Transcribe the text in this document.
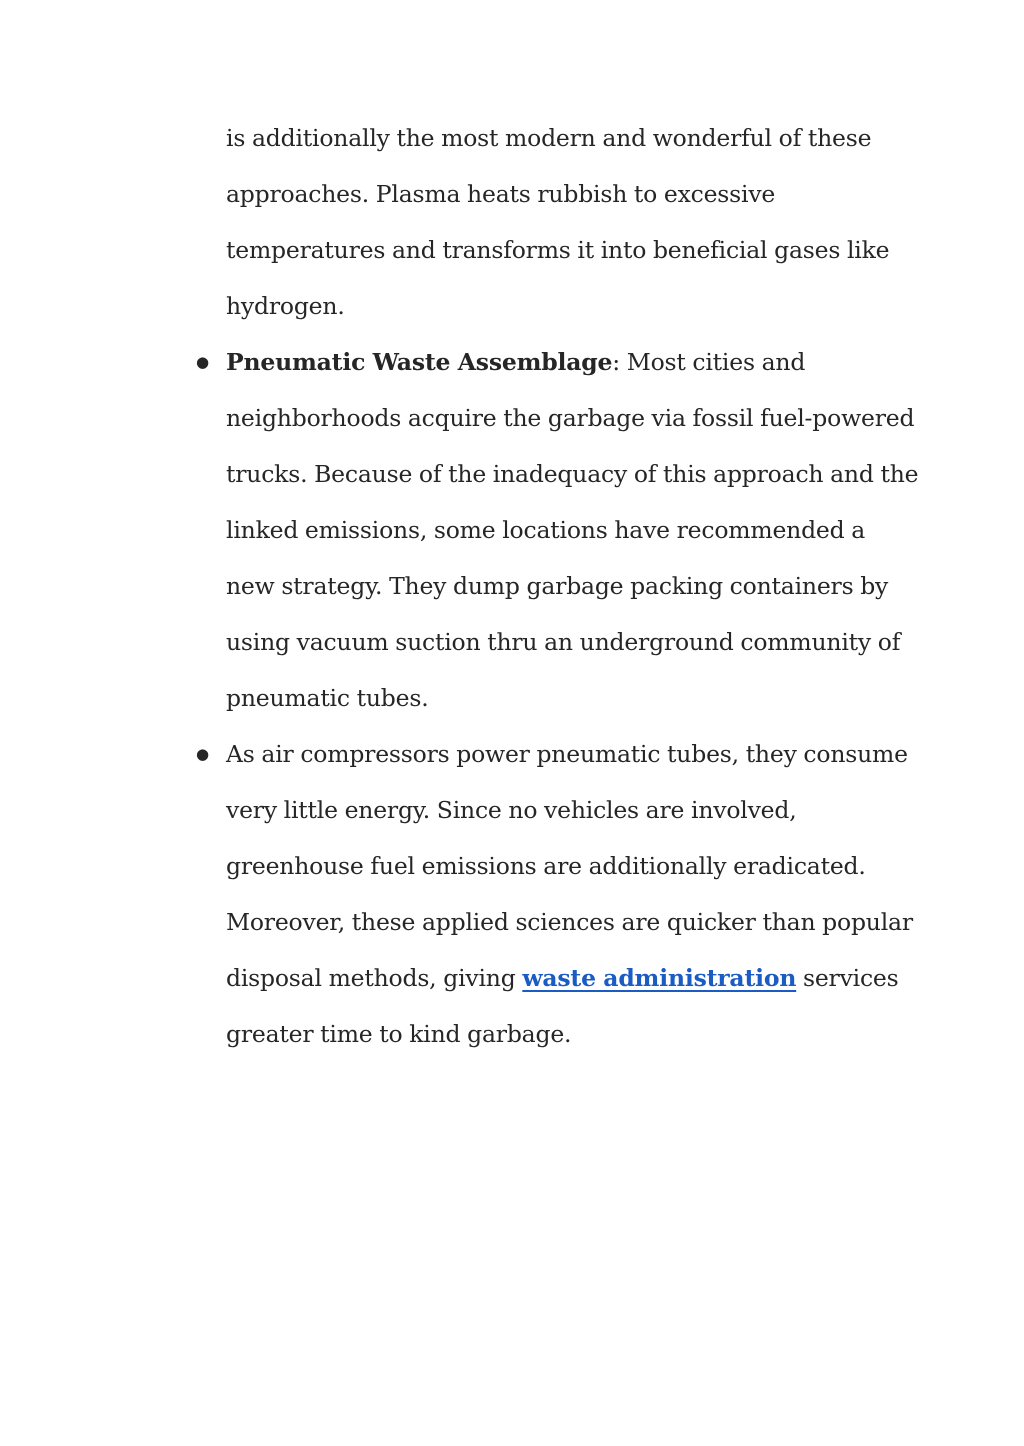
is additionally the most modern and wonderful of these
approaches. Plasma heats rubbish to excessive
temperatures and transforms it into beneficial gases like
hydrogen.
● Pneumatic Waste Assemblage: Most cities and
neighborhoods acquire the garbage via fossil fuel-powered
trucks. Because of the inadequacy of this approach and the
linked emissions, some locations have recommended a
new strategy. They dump garbage packing containers by
using vacuum suction thru an underground community of
pneumatic tubes.
● As air compressors power pneumatic tubes, they consume
very little energy. Since no vehicles are involved,
greenhouse fuel emissions are additionally eradicated.
Moreover, these applied sciences are quicker than popular
disposal methods, giving waste administration services
greater time to kind garbage.
